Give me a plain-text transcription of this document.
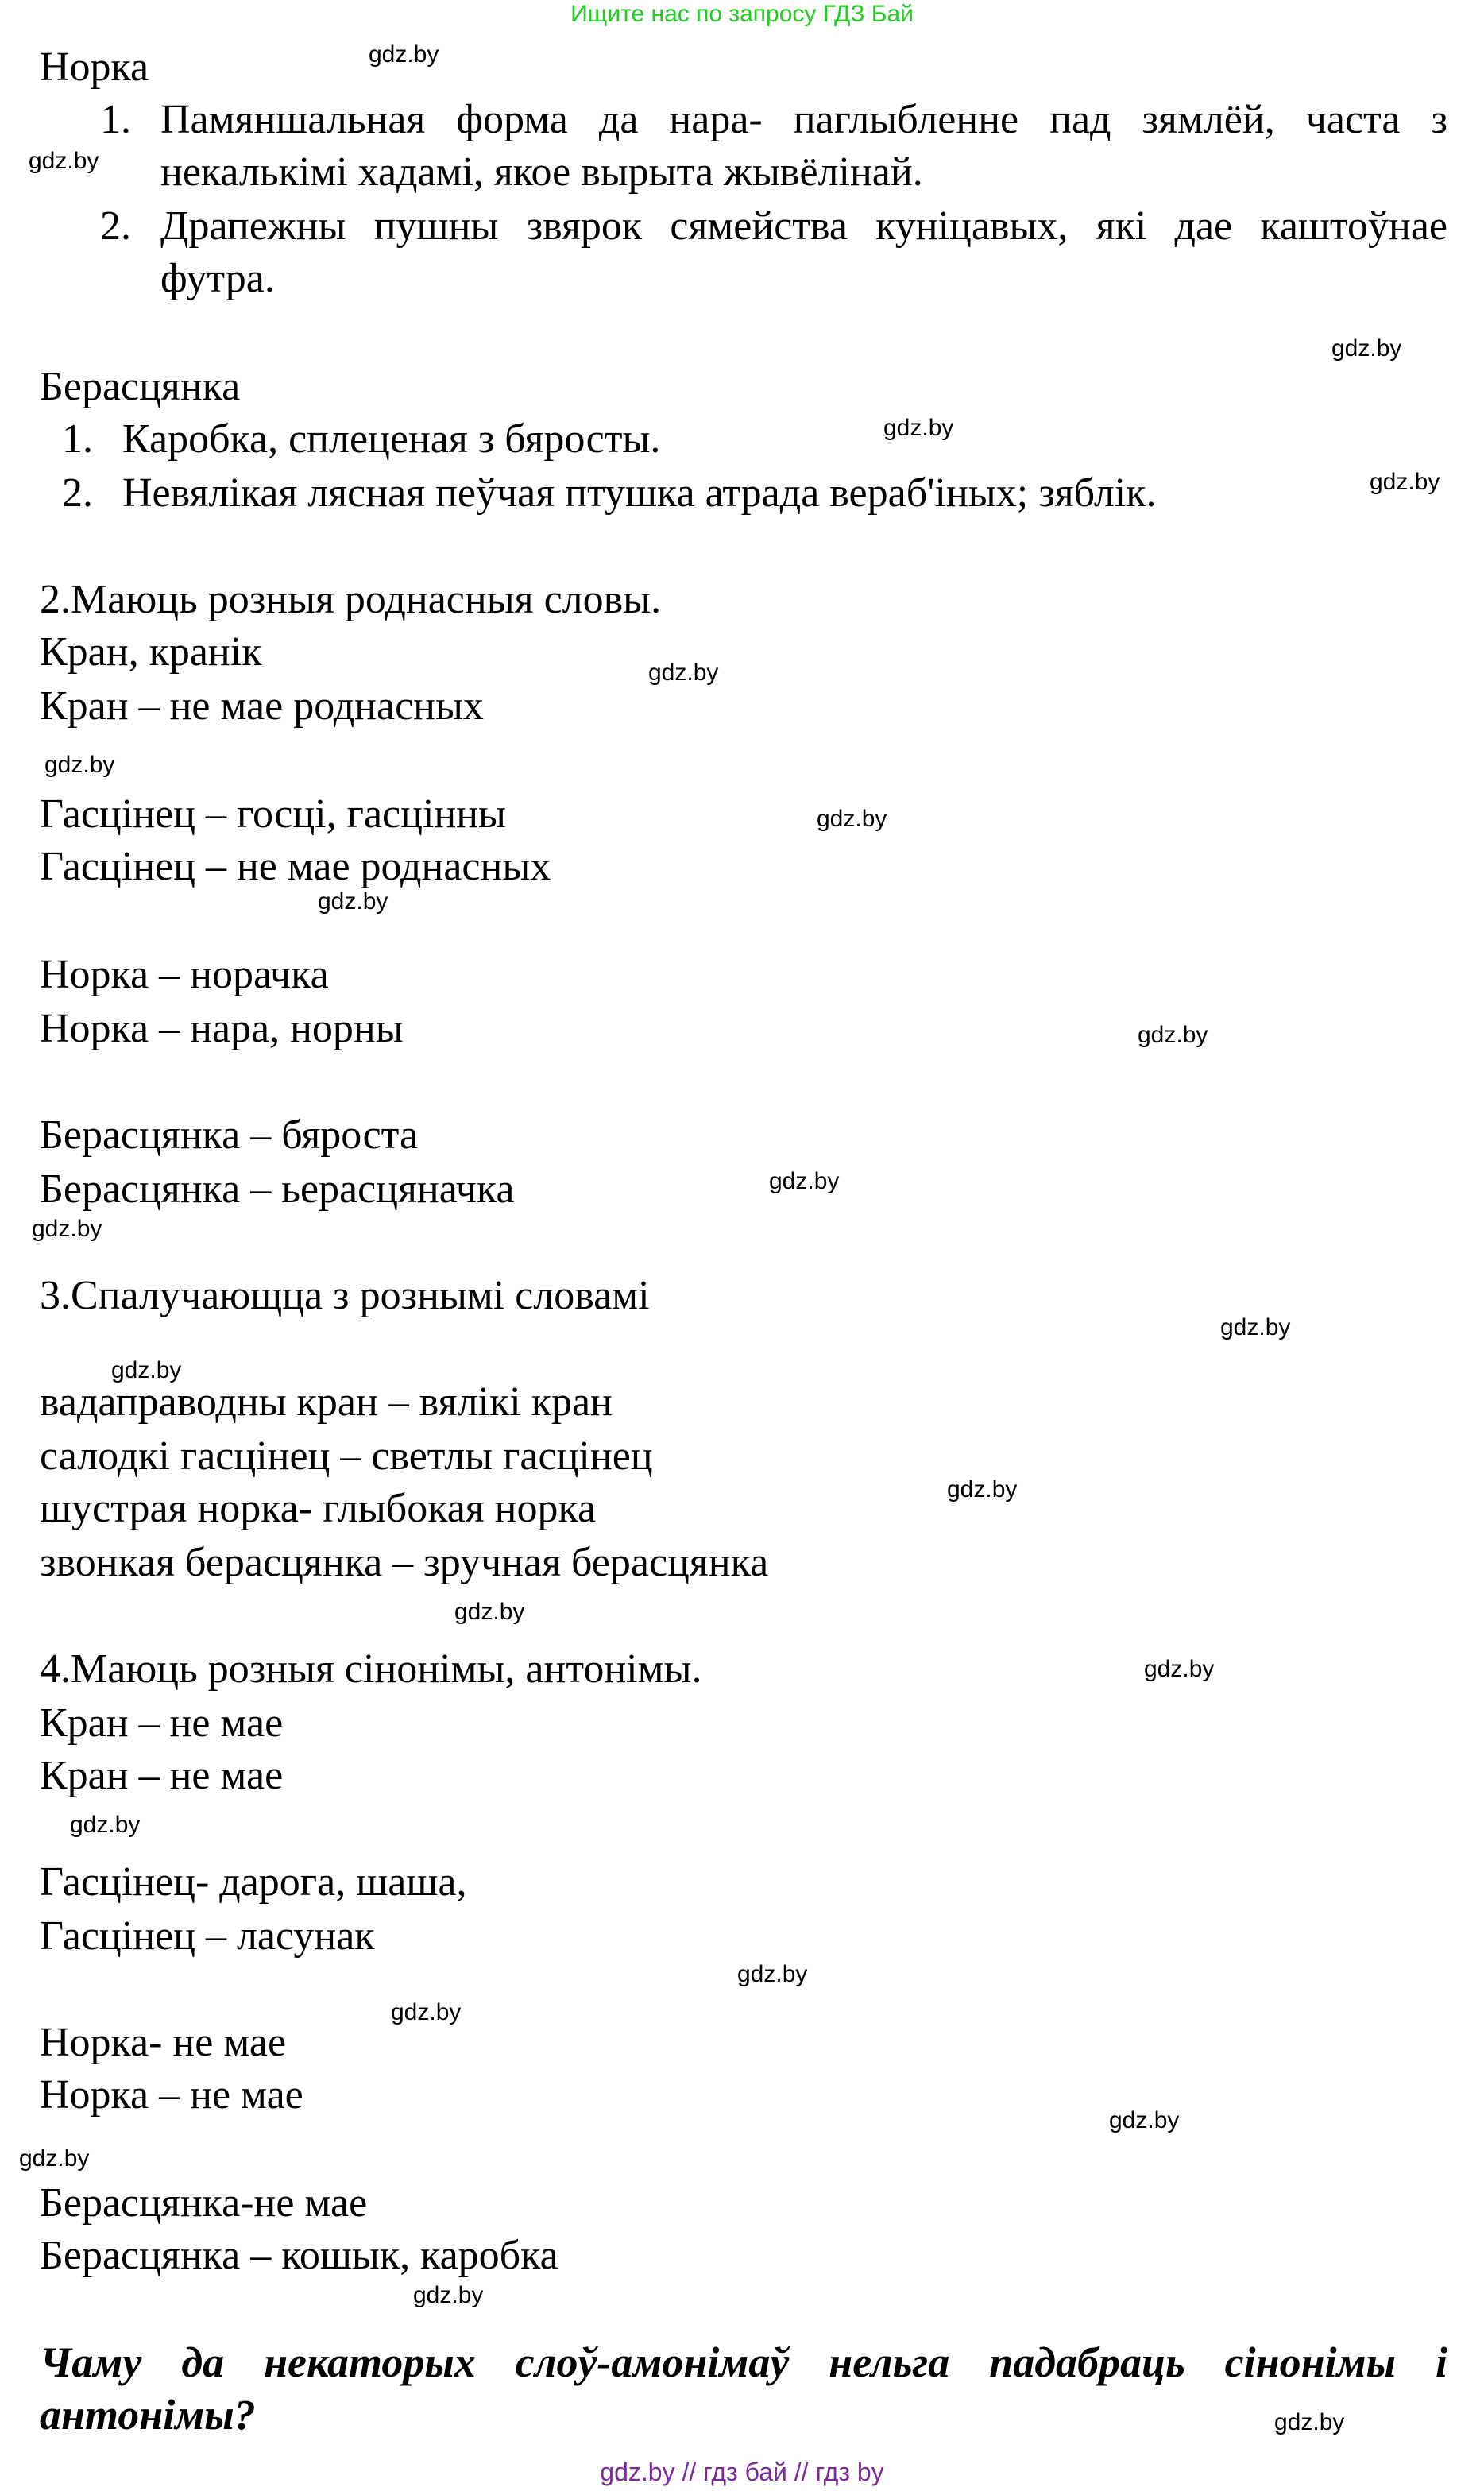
Ищите нас по запросу ГДЗ Бай
Норка
1. Памяншальная форма да нара- паглыбленне пад зямлёй, часта з некалькімі хадамі, якое вырыта жывёлінай.
2. Драпежны пушны звярок сямейства куніцавых, які дае каштоўнае футра.
Берасцянка
1. Каробка, сплеценая з бяросты.
2. Невялікая лясная пеўчая птушка атрада вераб'іных; зяблік.
2.Маюць розныя роднасныя словы.
Кран, кранік
Кран – не мае роднасных
Гасцінец – госці, гасцінны
Гасцінец – не мае роднасных
Норка – норачка
Норка – нара, норны
Берасцянка – бяроста
Берасцянка – ьерасцяначка
3.Спалучающца з рознымі словамі
вадаправодны кран – вялікі кран
салодкі гасцінец – светлы гасцінец
шустрая норка- глыбокая норка
звонкая берасцянка – зручная берасцянка
4.Маюць розныя сінонімы, антонімы.
Кран – не мае
Кран – не мае
Гасцінец- дарога, шаша,
Гасцінец – ласунак
Норка- не мае
Норка – не мае
Берасцянка-не мае
Берасцянка – кошык, каробка
Чаму да некаторых слоў-амонімаў нельга падабраць сінонімы і антонімы?
gdz.by
gdz.by
gdz.by
gdz.by
gdz.by
gdz.by
gdz.by
gdz.by
gdz.by
gdz.by
gdz.by
gdz.by
gdz.by
gdz.by
gdz.by
gdz.by
gdz.by
gdz.by
gdz.by
gdz.by
gdz.by
gdz.by
gdz.by
gdz.by
gdz.by // гдз бай // гдз by
